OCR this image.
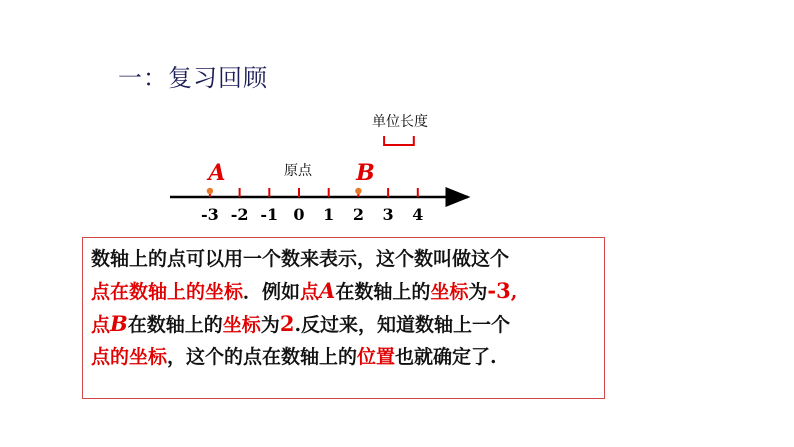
一：复习回顾
-3 -2 -1 0 1 2 3 4
A	B
原点
单位长度
数轴上的点可以用一个数来表示，这个数叫做这个
点在数轴上的坐标．例如点A在数轴上的坐标为-3,
点B在数轴上的坐标为2.反过来，知道数轴上一个
点的坐标，这个的点在数轴上的位置也就确定了.
